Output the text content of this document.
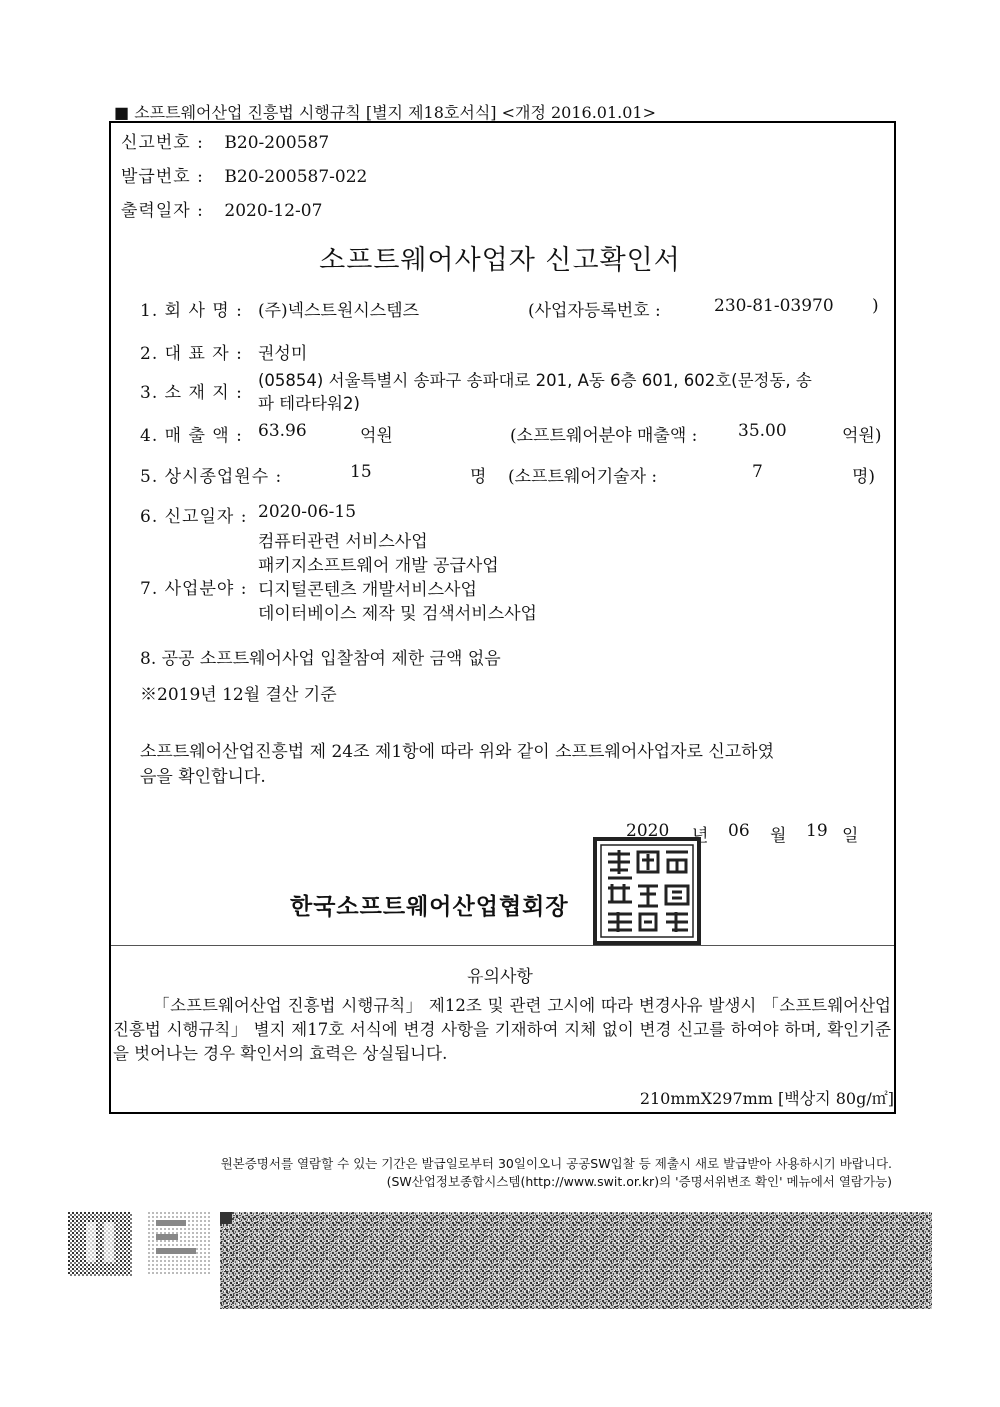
■ 소프트웨어산업 진흥법 시행규칙 [별지 제18호서식] <개정 2016.01.01>
신고번호 : B20-200587
발급번호 : B20-200587-022
출력일자 : 2020-12-07
소프트웨어사업자 신고확인서
1. 회 사 명 : (주)넥스트원시스템즈	(사업자등록번호 :	230-81-03970 )
2. 대 표 자 : 권성미
3. 소 재 지 :
(05854) 서울특별시 송파구 송파대로 201, A동 6층 601, 602호(문정동, 송
파 테라타워2)
4. 매 출 액 : 63.96	억원	(소프트웨어분야 매출액 : 35.00	억원)
5. 상시종업원수 :	15	명 (소프트웨어기술자 :	7	명)
6. 신고일자 : 2020-06-15
7. 사업분야 :
컴퓨터관련 서비스사업
패키지소프트웨어 개발 공급사업
디지털콘텐츠 개발서비스사업
데이터베이스 제작 및 검색서비스사업
8. 공공 소프트웨어사업 입찰참여 제한 금액 없음
※2019년 12월 결산 기준
소프트웨어산업진흥법 제 24조 제1항에 따라 위와 같이 소프트웨어사업자로 신고하였
음을 확인합니다.
2020 년 06 월 19 일
한국소프트웨어산업협회장
유의사항
「소프트웨어산업 진흥법 시행규칙」 제12조 및 관련 고시에 따라 변경사유 발생시 「소프트웨어산업 진흥법 시행규칙」 별지 제17호 서식에 변경 사항을 기재하여 지체 없이 변경 신고를 하여야 하며, 확인기준을 벗어나는 경우 확인서의 효력은 상실됩니다.
210mmX297mm [백상지 80g/㎡]
원본증명서를 열람할 수 있는 기간은 발급일로부터 30일이오니 공공SW입찰 등 제출시 새로 발급받아 사용하시기 바랍니다.
(SW산업정보종합시스템(http://www.swit.or.kr)의 '증명서위변조 확인' 메뉴에서 열람가능)
